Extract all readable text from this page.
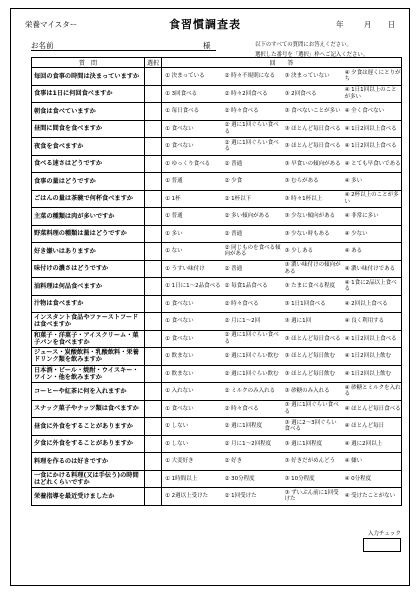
栄養マイスター	食習慣調査表	年	月 日
お名前	様	以下のすべての質問にお答えください。
選択した番号を「選択」枠へご記入ください。
質　問	選択	回　　答			
毎回の食事の時間は決まっていますか		① 決まっている	② 時々不規則になる	③ 決まっていない	④ 夕食は遅くにとりがち
食事は1日に何回食べますか		① 3回食べる	② 時々2回食べる	③ 2回食べる	④ 1日1回以上のことが多い
朝食は食べていますか		① 毎日食べる	② 時々食べる	③ 食べないことが多い	④ 全く食べない
昼間に間食を食べますか		① 食べない	② 週に1回ぐらい食べる	③ ほとんど毎日食べる	④ 1日2回以上食べる
夜食を食べますか		① 食べない	② 週に1回ぐらい食べる	③ ほとんど毎日食べる	④ 1日2回以上食べる
食べる速さはどうですか		① ゆっくり食べる	② 普通	③ 早食いの傾向がある	④ とても早食いである
食事の量はどうですか		① 普通	② 少食	③ むらがある	④ 多い
ごはんの量は茶碗で何杯食べますか		① 1杯	② 1杯以下	③ 時々1杯以上	④ 2杯以上のことが多い
主菜の種類は肉が多いですか		① 普通	② 多い傾向がある	③ 少ない傾向がある	④ 非常に多い
野菜料理の種類は量はどうですか		① 多い	② 普通	③ 少ない時もある	④ 少ない
好き嫌いはありますか		① ない	② 同じものを食べる傾向がある	③ 少しある	④ ある
味付けの濃さはどうですか		① うすい味付け	② 普通	③ 濃い味付けの傾向がある	④ 濃い味付けである
油料理は何品食べますか		① 1日に1～2品食べる	② 毎食1品食べる	③ たまに食べる程度	④ 1食に2品以上食べる
汁物は食べますか		① 食べない	② 時々食べる	③ 1日1回食べる	④ 2回以上食べる
インスタント食品やファーストフードは食べますか		① 食べない	② 月に1～2回	③ 週に1回	④ 良く利用する
和菓子・洋菓子・アイスクリーム・菓子パンを食べますか		① 食べない	② 週に1回ぐらい食べる	③ ほとんど毎日食べる	④ 1日2回以上食べる
ジュース・炭酸飲料・乳酸飲料・栄養ドリンク類を飲みますか		① 飲まない	② 週に1回ぐらい飲む	③ ほとんど毎日飲む	④ 1日2回以上飲む
日本酒・ビール・焼酎・ウイスキー・ワイン・他を飲みますか		① 飲まない	② 週に1回ぐらい飲む	③ ほとんど毎日飲む	④ 1日2回以上飲む
コーヒーや紅茶に何を入れますか		① 入れない	② ミルクのみ入れる	③ 砂糖のみ入れる	④ 砂糖とミルクを入れる
スナック菓子やナッツ類は食べますか		① 食べない	② 時々食べる	③ 週に1回ぐらい食べる	④ ほとんど毎日食べる
昼食に外食をすることがありますか		① しない	② 週に1回程度	③ 週に2～3回ぐらい食べる	④ ほとんど毎日
夕食に外食をすることがありますか		① しない	② 月に1～2回程度	③ 週に1回程度	④ 週に2回以上
料理を作るのは好きですか		① 大変好き	② 好き	③ 好きだがめんどう	④ 嫌い
一食にかける料理(又は手伝う)の時間はどれくらいですか		① 1時間以上	② 30分程度	③ 10分程度	④ 0分程度
栄養指導を最近受けましたか		① 2週以上受けた	② 1回受けた	③ ずいぶん前に1回受けた	④ 受けたことがない
入力チェック
